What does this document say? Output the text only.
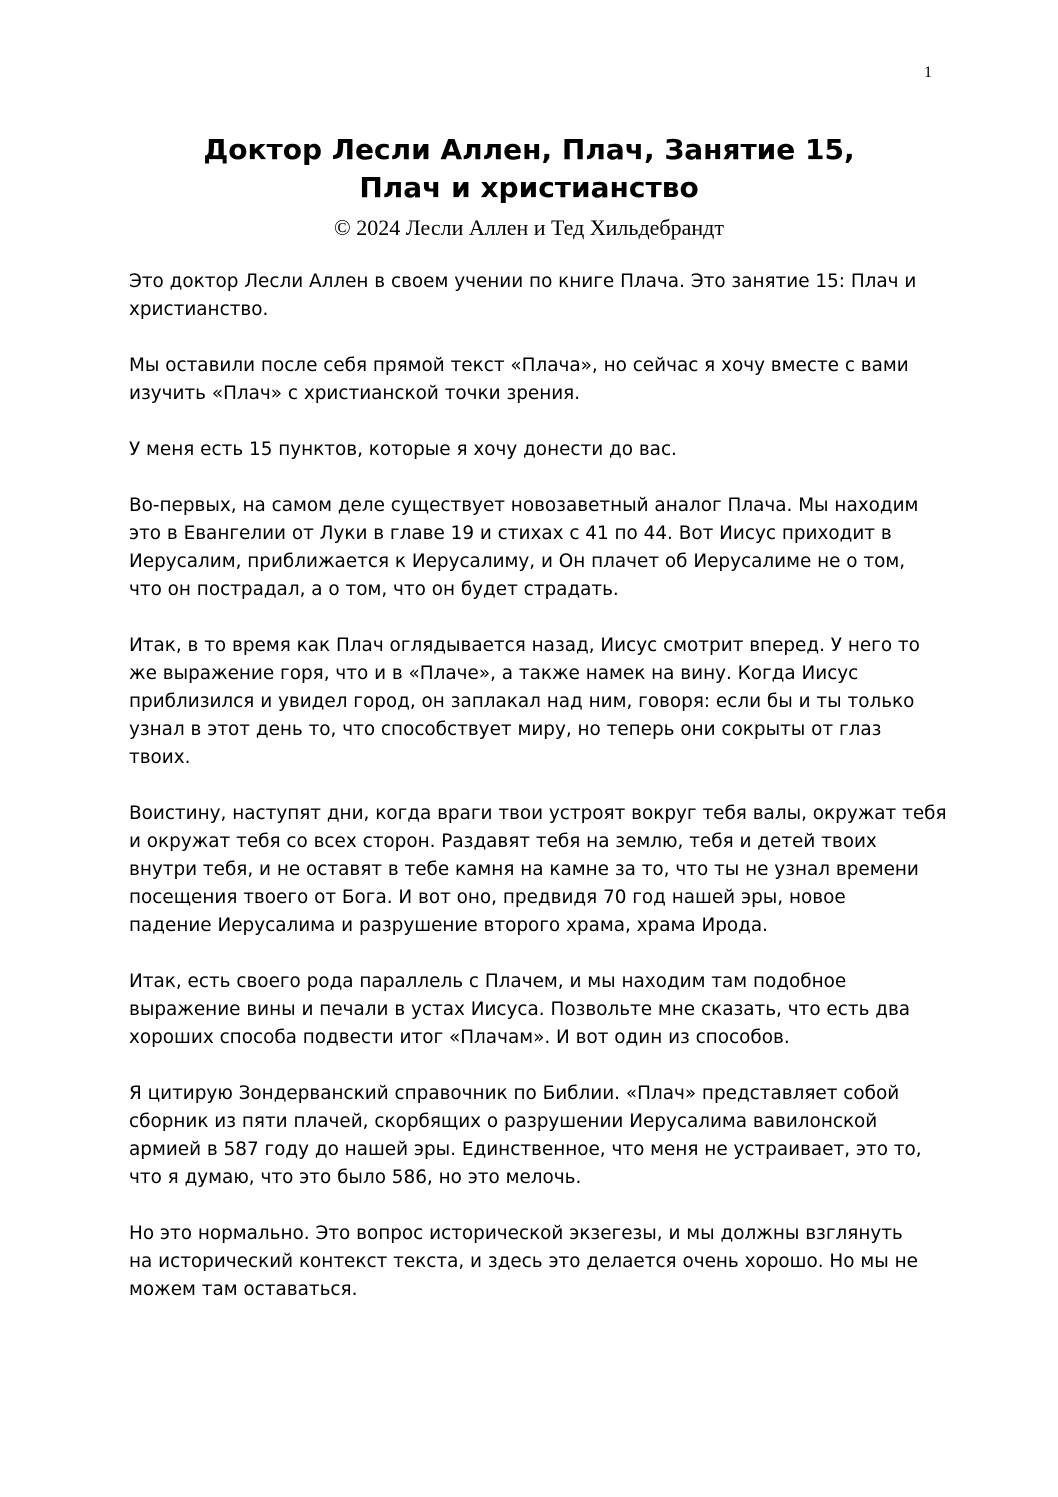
1
Доктор Лесли Аллен, Плач, Занятие 15,
Плач и христианство
© 2024 Лесли Аллен и Тед Хильдебрандт

Это доктор Лесли Аллен в своем учении по книге Плача. Это занятие 15: Плач и
христианство.

Мы оставили после себя прямой текст «Плача», но сейчас я хочу вместе с вами
изучить «Плач» с христианской точки зрения.

У меня есть 15 пунктов, которые я хочу донести до вас.

Во-первых, на самом деле существует новозаветный аналог Плача. Мы находим
это в Евангелии от Луки в главе 19 и стихах с 41 по 44. Вот Иисус приходит в
Иерусалим, приближается к Иерусалиму, и Он плачет об Иерусалиме не о том,
что он пострадал, а о том, что он будет страдать.

Итак, в то время как Плач оглядывается назад, Иисус смотрит вперед. У него то
же выражение горя, что и в «Плаче», а также намек на вину. Когда Иисус
приблизился и увидел город, он заплакал над ним, говоря: если бы и ты только
узнал в этот день то, что способствует миру, но теперь они сокрыты от глаз
твоих.

Воистину, наступят дни, когда враги твои устроят вокруг тебя валы, окружат тебя
и окружат тебя со всех сторон. Раздавят тебя на землю, тебя и детей твоих
внутри тебя, и не оставят в тебе камня на камне за то, что ты не узнал времени
посещения твоего от Бога. И вот оно, предвидя 70 год нашей эры, новое
падение Иерусалима и разрушение второго храма, храма Ирода.

Итак, есть своего рода параллель с Плачем, и мы находим там подобное
выражение вины и печали в устах Иисуса. Позвольте мне сказать, что есть два
хороших способа подвести итог «Плачам». И вот один из способов.

Я цитирую Зондерванский справочник по Библии. «Плач» представляет собой
сборник из пяти плачей, скорбящих о разрушении Иерусалима вавилонской
армией в 587 году до нашей эры. Единственное, что меня не устраивает, это то,
что я думаю, что это было 586, но это мелочь.

Но это нормально. Это вопрос исторической экзегезы, и мы должны взглянуть
на исторический контекст текста, и здесь это делается очень хорошо. Но мы не
можем там оставаться.
